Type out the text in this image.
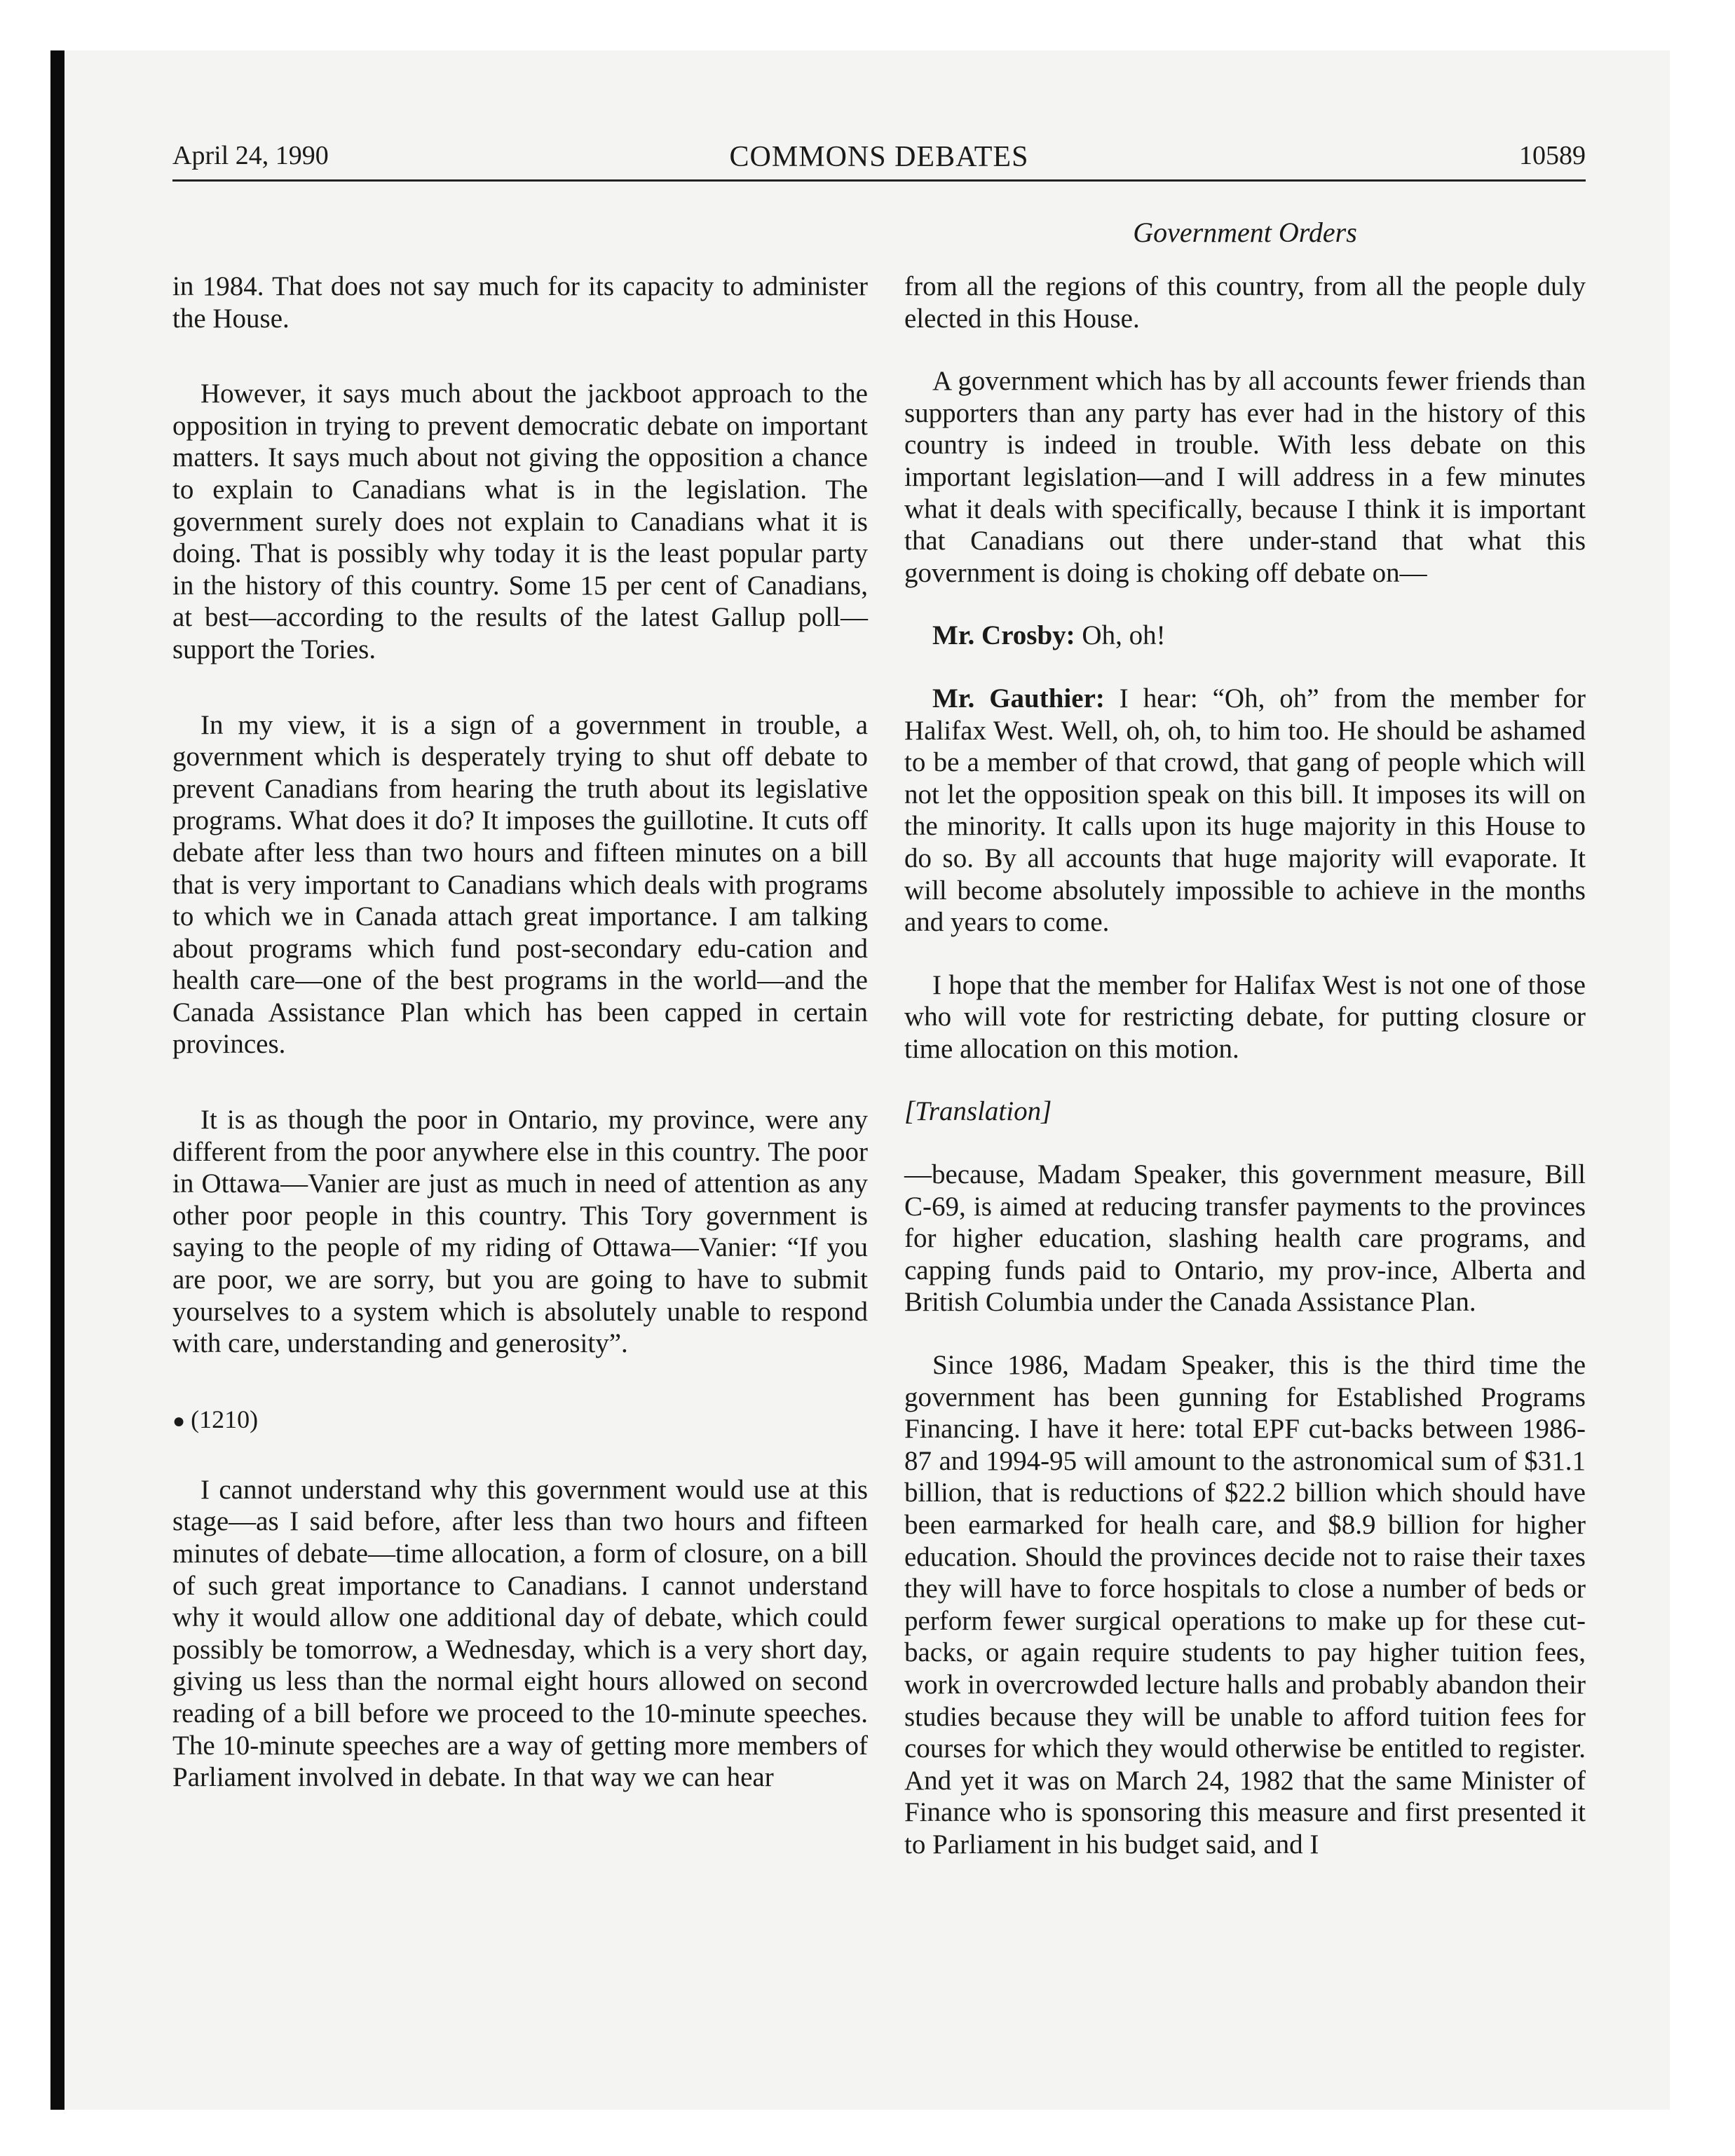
April 24, 1990	COMMONS DEBATES	10589
Government Orders

in 1984. That does not say much for its capacity to administer the House.

However, it says much about the jackboot approach to the opposition in trying to prevent democratic debate on important matters. It says much about not giving the opposition a chance to explain to Canadians what is in the legislation. The government surely does not explain to Canadians what it is doing. That is possibly why today it is the least popular party in the history of this country. Some 15 per cent of Canadians, at best—according to the results of the latest Gallup poll—support the Tories.

In my view, it is a sign of a government in trouble, a government which is desperately trying to shut off debate to prevent Canadians from hearing the truth about its legislative programs. What does it do? It imposes the guillotine. It cuts off debate after less than two hours and fifteen minutes on a bill that is very important to Canadians which deals with programs to which we in Canada attach great importance. I am talking about programs which fund post-secondary edu-cation and health care—one of the best programs in the world—and the Canada Assistance Plan which has been capped in certain provinces.

It is as though the poor in Ontario, my province, were any different from the poor anywhere else in this country. The poor in Ottawa—Vanier are just as much in need of attention as any other poor people in this country. This Tory government is saying to the people of my riding of Ottawa—Vanier: “If you are poor, we are sorry, but you are going to have to submit yourselves to a system which is absolutely unable to respond with care, understanding and generosity”.

● (1210)

I cannot understand why this government would use at this stage—as I said before, after less than two hours and fifteen minutes of debate—time allocation, a form of closure, on a bill of such great importance to Canadians. I cannot understand why it would allow one additional day of debate, which could possibly be tomorrow, a Wednesday, which is a very short day, giving us less than the normal eight hours allowed on second reading of a bill before we proceed to the 10-minute speeches. The 10-minute speeches are a way of getting more members of Parliament involved in debate. In that way we can hear

from all the regions of this country, from all the people duly elected in this House.

A government which has by all accounts fewer friends than supporters than any party has ever had in the history of this country is indeed in trouble. With less debate on this important legislation—and I will address in a few minutes what it deals with specifically, because I think it is important that Canadians out there under-stand that what this government is doing is choking off debate on—

Mr. Crosby: Oh, oh!

Mr. Gauthier: I hear: “Oh, oh” from the member for Halifax West. Well, oh, oh, to him too. He should be ashamed to be a member of that crowd, that gang of people which will not let the opposition speak on this bill. It imposes its will on the minority. It calls upon its huge majority in this House to do so. By all accounts that huge majority will evaporate. It will become absolutely impossible to achieve in the months and years to come.

I hope that the member for Halifax West is not one of those who will vote for restricting debate, for putting closure or time allocation on this motion.

[Translation]

—because, Madam Speaker, this government measure, Bill C-69, is aimed at reducing transfer payments to the provinces for higher education, slashing health care programs, and capping funds paid to Ontario, my prov-ince, Alberta and British Columbia under the Canada Assistance Plan.

Since 1986, Madam Speaker, this is the third time the government has been gunning for Established Programs Financing. I have it here: total EPF cut-backs between 1986-87 and 1994-95 will amount to the astronomical sum of $31.1 billion, that is reductions of $22.2 billion which should have been earmarked for healh care, and $8.9 billion for higher education. Should the provinces decide not to raise their taxes they will have to force hospitals to close a number of beds or perform fewer surgical operations to make up for these cut-backs, or again require students to pay higher tuition fees, work in overcrowded lecture halls and probably abandon their studies because they will be unable to afford tuition fees for courses for which they would otherwise be entitled to register. And yet it was on March 24, 1982 that the same Minister of Finance who is sponsoring this measure and first presented it to Parliament in his budget said, and I
